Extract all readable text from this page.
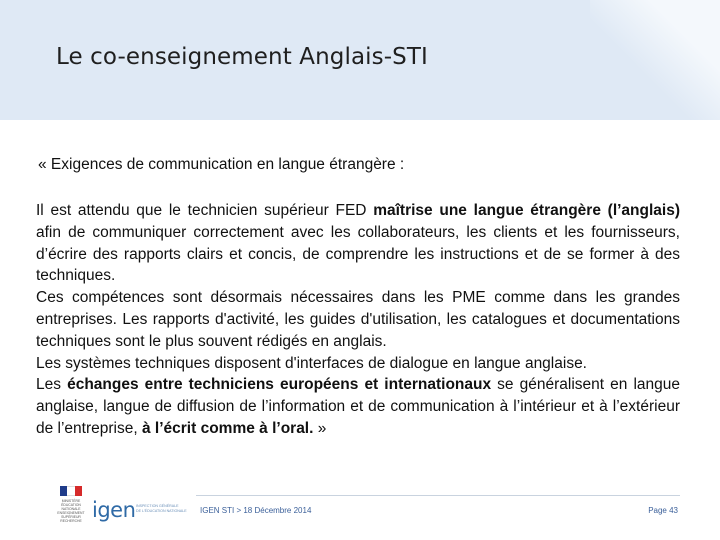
Le co-enseignement Anglais-STI
« Exigences de communication en langue étrangère :

Il est attendu que le technicien supérieur FED maîtrise une langue étrangère (l’anglais) afin de communiquer correctement avec les collaborateurs, les clients et les fournisseurs, d’écrire des rapports clairs et concis, de comprendre les instructions et de se former à des techniques.

Ces compétences sont désormais nécessaires dans les PME comme dans les grandes entreprises. Les rapports d'activité, les guides d'utilisation, les catalogues et documentations techniques sont le plus souvent rédigés en anglais.

Les systèmes techniques disposent d'interfaces de dialogue en langue anglaise.

Les échanges entre techniciens européens et internationaux se généralisent en langue anglaise, langue de diffusion de l’information et de communication à l’intérieur et à l’extérieur de l’entreprise, à l’écrit comme à l’oral. »

MINISTÈRE
ÉDUCATION
NATIONALE
ENSEIGNEMENT
SUPÉRIEUR
RECHERCHE igen INSPECTION GÉNÉRALE
DE L'ÉDUCATION NATIONALE	IGEN STI > 18 Décembre 2014	Page 43
